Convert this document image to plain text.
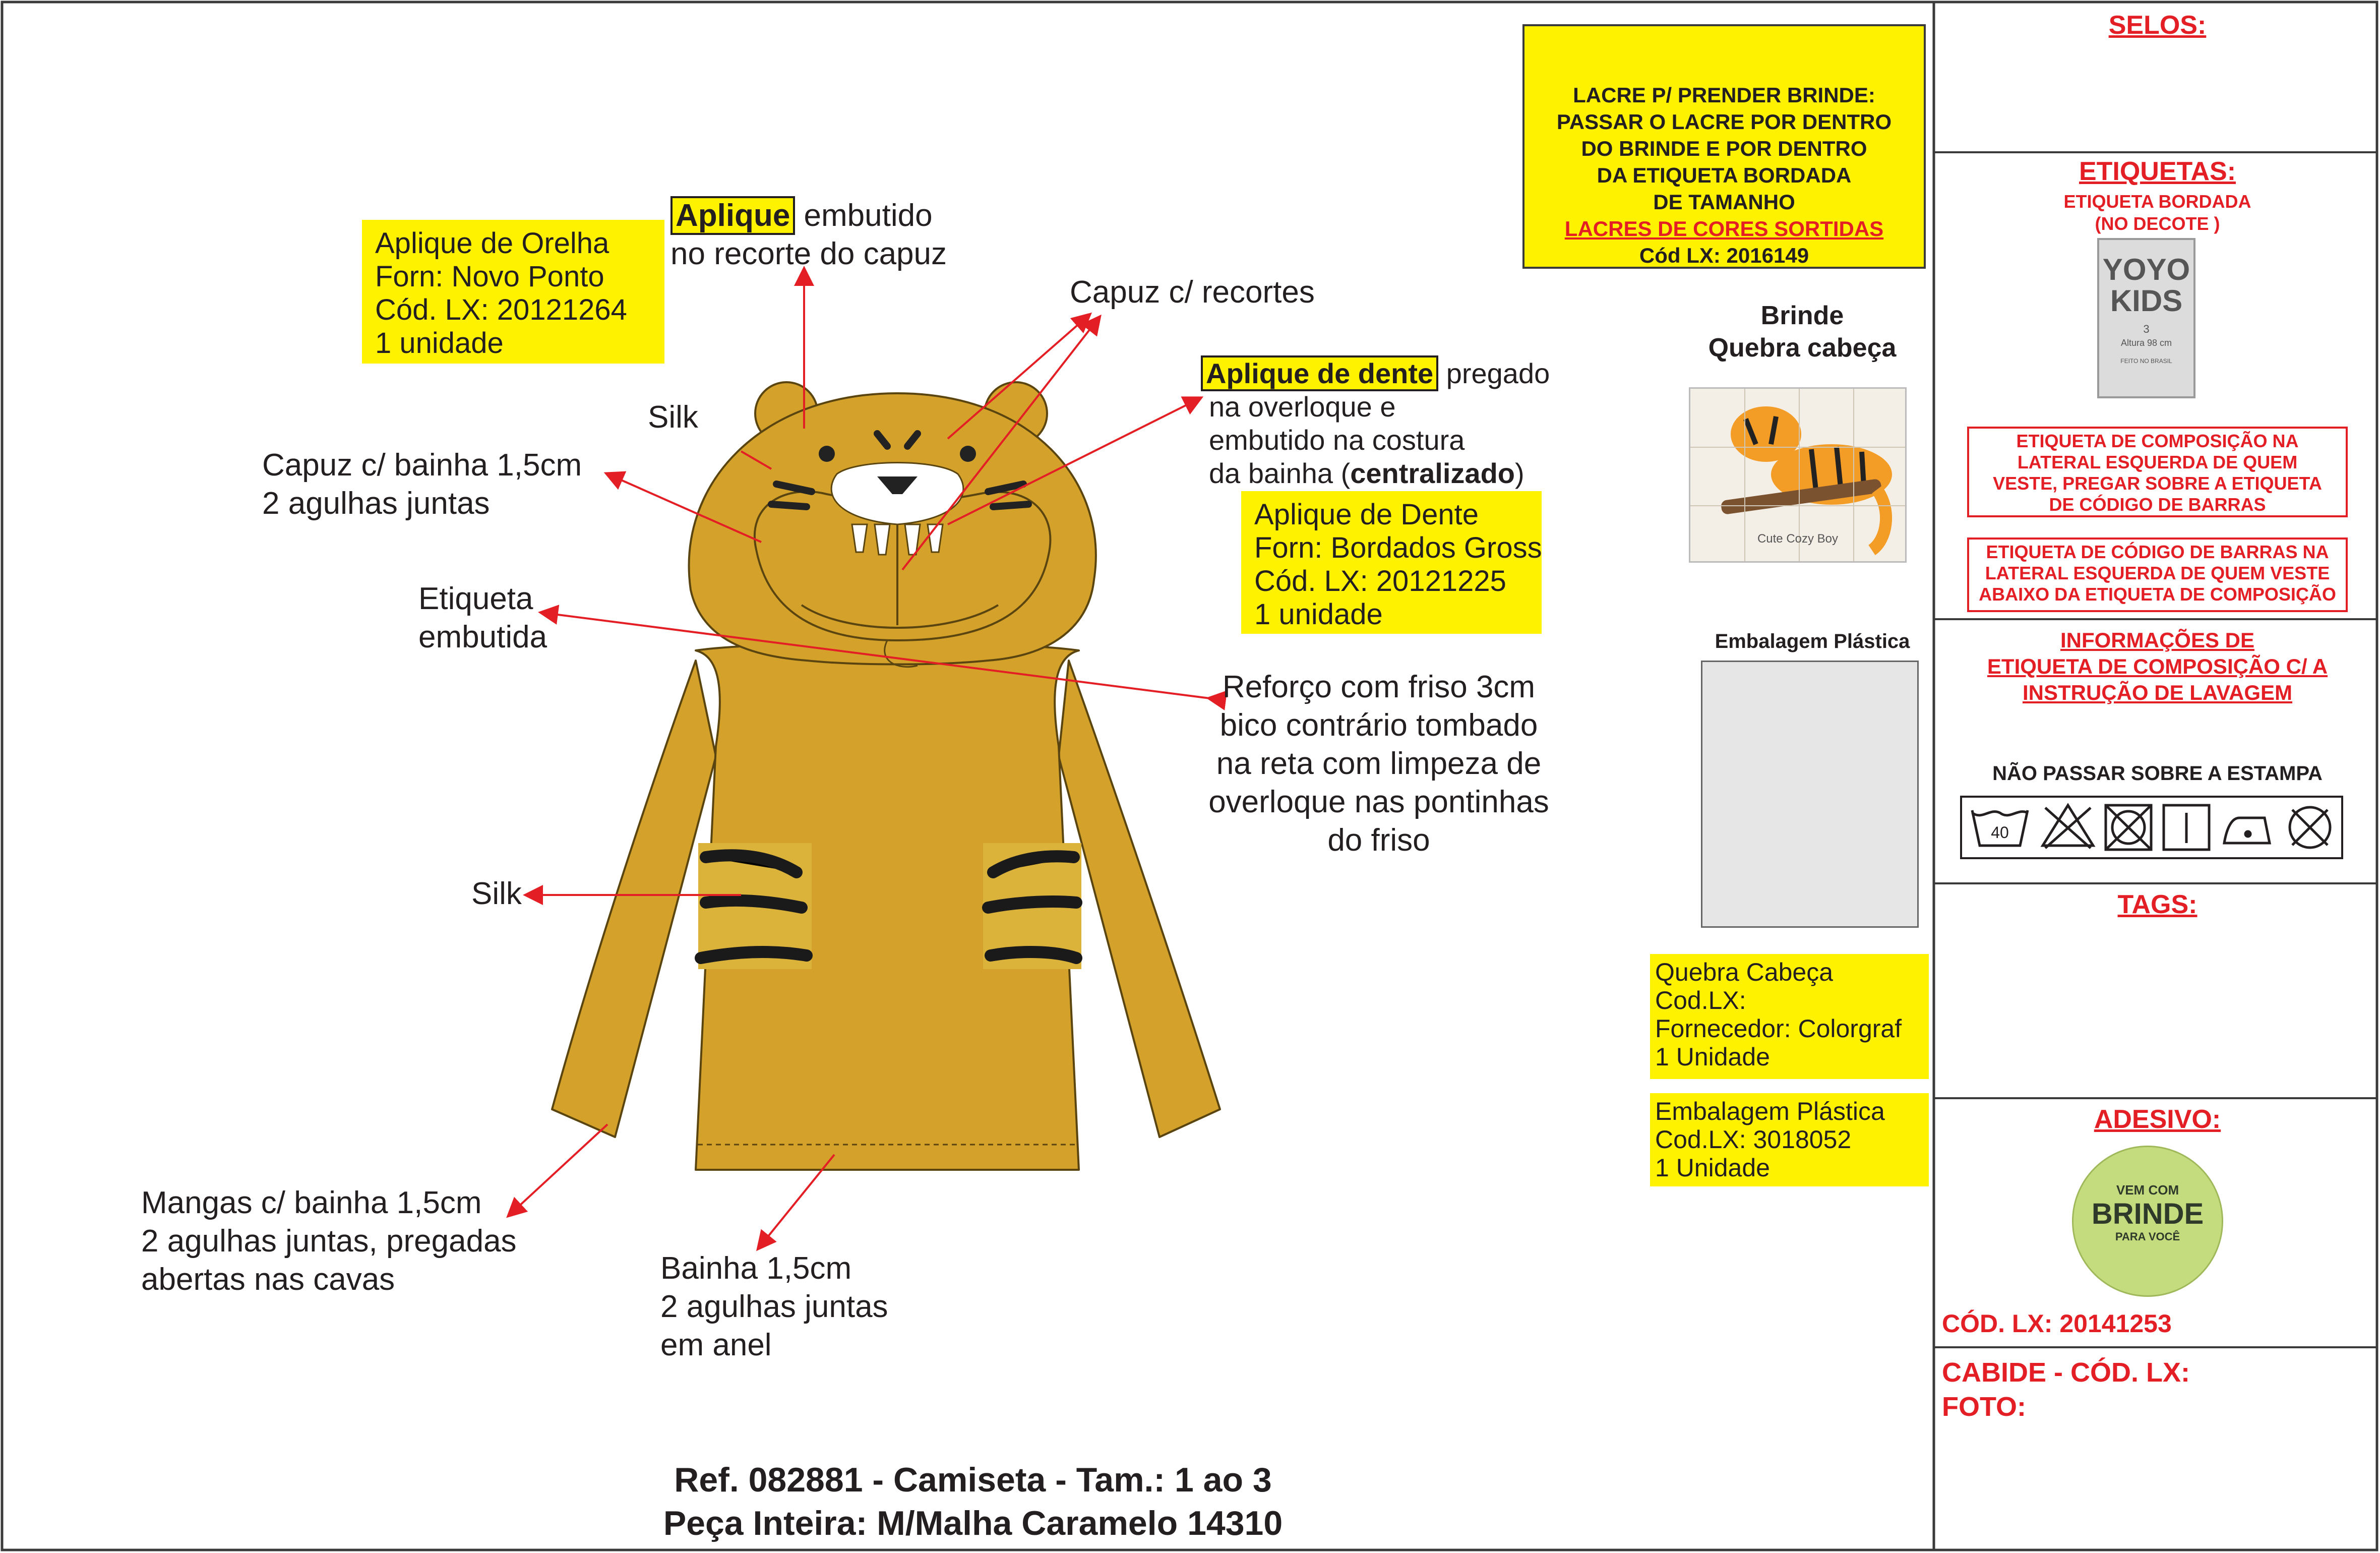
Aplique embutido
no recorte do capuz
Capuz c/ recortes
Silk
Capuz c/ bainha 1,5cm
2 agulhas juntas
Etiqueta
embutida
Aplique de dente pregado
na overloque e
embutido na costura
da bainha (centralizado)
Reforço com friso 3cm
bico contrário tombado
na reta com limpeza de
overloque nas pontinhas
do friso
Silk
Mangas c/ bainha 1,5cm
2 agulhas juntas, pregadas
abertas nas cavas	Bainha 1,5cm
2 agulhas juntas
em anel
Aplique de Orelha
Forn: Novo Ponto
Cód. LX: 20121264
1 unidade
Aplique de Dente
Forn: Bordados Gross
Cód. LX: 20121225
1 unidade
LACRE P/ PRENDER BRINDE:
PASSAR O LACRE POR DENTRO
DO BRINDE E POR DENTRO
DA ETIQUETA BORDADA
DE TAMANHO
LACRES DE CORES SORTIDAS
Cód LX: 2016149
Quebra Cabeça
Cod.LX:
Fornecedor: Colorgraf
1 Unidade
Embalagem Plástica
Cod.LX: 3018052
1 Unidade
Brinde
Quebra cabeça
Cute Cozy Boy
Embalagem Plástica
SELOS:
ETIQUETAS:
ETIQUETA BORDADA
(NO DECOTE )
YOYO
KIDS
3
Altura 98 cm
FEITO NO BRASIL
ETIQUETA DE COMPOSIÇÃO NA
LATERAL ESQUERDA DE QUEM
VESTE, PREGAR SOBRE A ETIQUETA
DE CÓDIGO DE BARRAS
ETIQUETA DE CÓDIGO DE BARRAS NA
LATERAL ESQUERDA DE QUEM VESTE
ABAIXO DA ETIQUETA DE COMPOSIÇÃO
INFORMAÇÕES DE
ETIQUETA DE COMPOSIÇÃO C/ A
INSTRUÇÃO DE LAVAGEM
NÃO PASSAR SOBRE A ESTAMPA
40
TAGS:
ADESIVO:
VEM COM
BRINDE
PARA VOCÊ
CÓD. LX: 20141253
CABIDE - CÓD. LX:
FOTO:
Ref. 082881 - Camiseta - Tam.: 1 ao 3
Peça Inteira: M/Malha Caramelo 14310
